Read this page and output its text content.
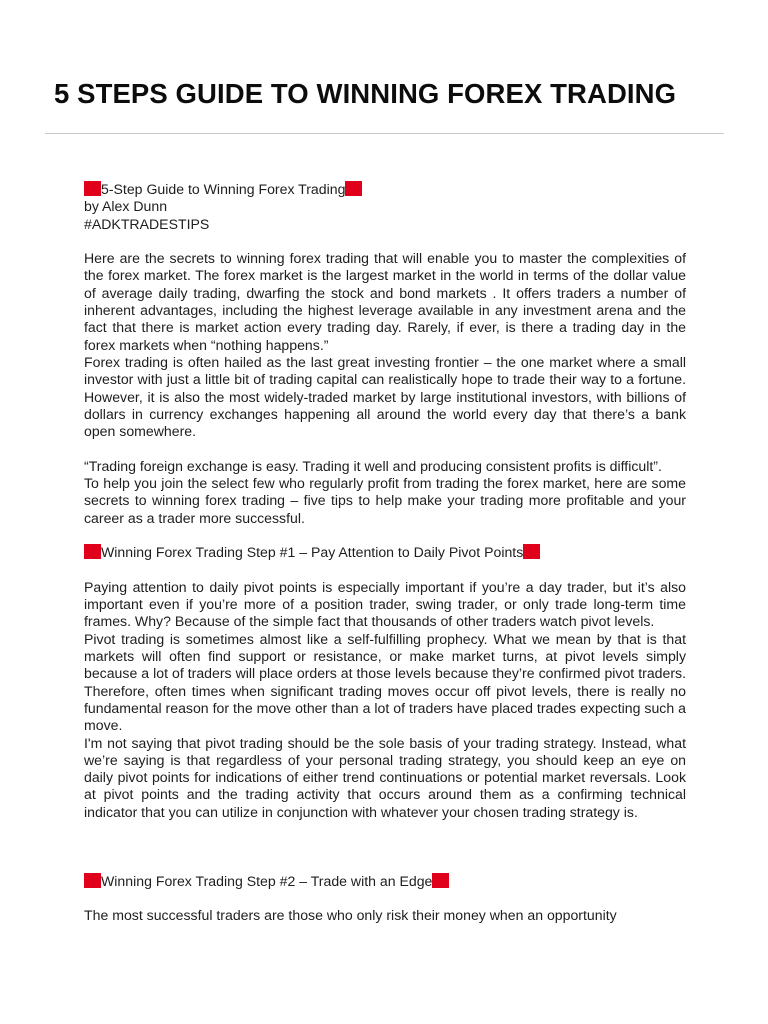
5 STEPS GUIDE TO WINNING FOREX TRADING
5-Step Guide to Winning Forex Trading
by Alex Dunn
#ADKTRADESTIPS
Here are the secrets to winning forex trading that will enable you to master the complexities of the forex market. The forex market is the largest market in the world in terms of the dollar value of average daily trading, dwarfing the stock and bond markets . It offers traders a number of inherent advantages, including the highest leverage available in any investment arena and the fact that there is market action every trading day. Rarely, if ever, is there a trading day in the forex markets when “nothing happens.”
Forex trading is often hailed as the last great investing frontier – the one market where a small investor with just a little bit of trading capital can realistically hope to trade their way to a fortune. However, it is also the most widely-traded market by large institutional investors, with billions of dollars in currency exchanges happening all around the world every day that there’s a bank open somewhere.
“Trading foreign exchange is easy. Trading it well and producing consistent profits is difficult”.
To help you join the select few who regularly profit from trading the forex market, here are some secrets to winning forex trading – five tips to help make your trading more profitable and your career as a trader more successful.
Winning Forex Trading Step #1 – Pay Attention to Daily Pivot Points
Paying attention to daily pivot points is especially important if you’re a day trader, but it’s also important even if you’re more of a position trader, swing trader, or only trade long-term time frames. Why? Because of the simple fact that thousands of other traders watch pivot levels.
Pivot trading is sometimes almost like a self-fulfilling prophecy. What we mean by that is that markets will often find support or resistance, or make market turns, at pivot levels simply because a lot of traders will place orders at those levels because they’re confirmed pivot traders. Therefore, often times when significant trading moves occur off pivot levels, there is really no fundamental reason for the move other than a lot of traders have placed trades expecting such a move.
I'm not saying that pivot trading should be the sole basis of your trading strategy. Instead, what we’re saying is that regardless of your personal trading strategy, you should keep an eye on daily pivot points for indications of either trend continuations or potential market reversals. Look at pivot points and the trading activity that occurs around them as a confirming technical indicator that you can utilize in conjunction with whatever your chosen trading strategy is.
Winning Forex Trading Step #2 – Trade with an Edge
The most successful traders are those who only risk their money when an opportunity
